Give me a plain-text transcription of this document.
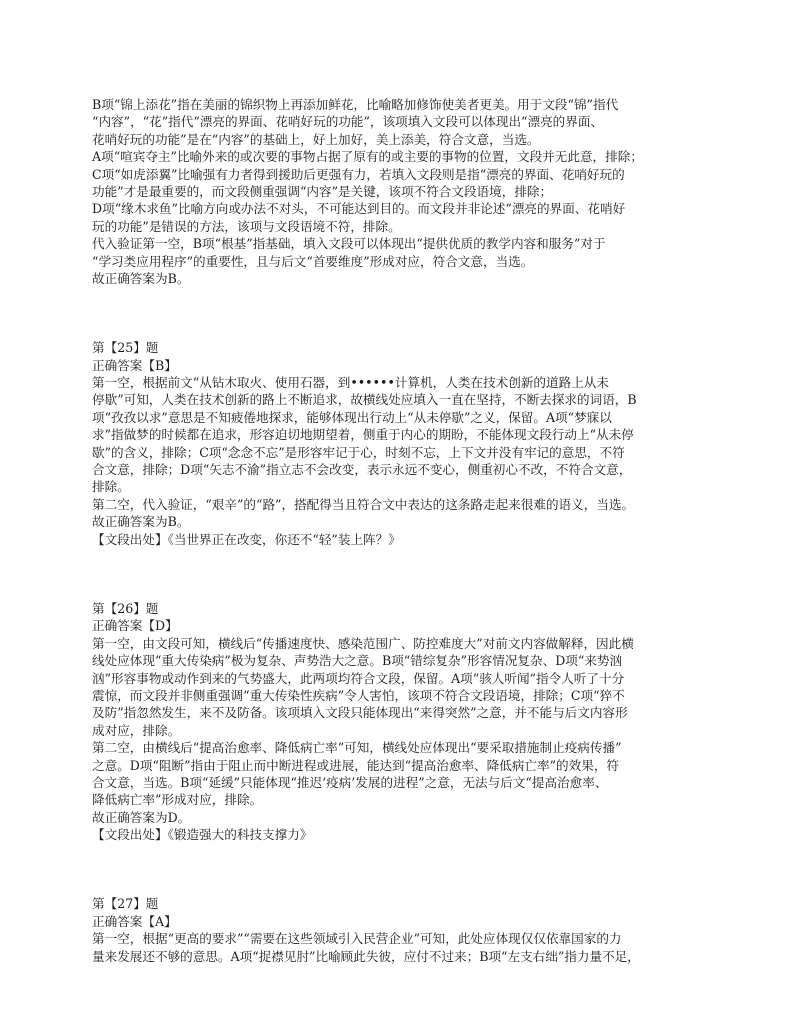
B项“锦上添花”指在美丽的锦织物上再添加鲜花，比喻略加修饰使美者更美。用于文段“锦”指代
“内容”，“花”指代“漂亮的界面、花哨好玩的功能”，该项填入文段可以体现出“漂亮的界面、
花哨好玩的功能”是在“内容”的基础上，好上加好，美上添美，符合文意，当选。
A项“喧宾夺主”比喻外来的或次要的事物占据了原有的或主要的事物的位置，文段并无此意，排除；
C项“如虎添翼”比喻强有力者得到援助后更强有力，若填入文段则是指“漂亮的界面、花哨好玩的
功能”才是最重要的，而文段侧重强调“内容”是关键，该项不符合文段语境，排除；
D项“缘木求鱼”比喻方向或办法不对头，不可能达到目的。而文段并非论述“漂亮的界面、花哨好
玩的功能”是错误的方法，该项与文段语境不符，排除。
代入验证第一空，B项“根基”指基础，填入文段可以体现出“提供优质的教学内容和服务”对于
“学习类应用程序”的重要性，且与后文“首要维度”形成对应，符合文意，当选。
故正确答案为B。
第【25】题
正确答案【B】
第一空，根据前文“从钻木取火、使用石器，到••••••计算机，人类在技术创新的道路上从未
停歇”可知，人类在技术创新的路上不断追求，故横线处应填入一直在坚持，不断去探求的词语，B
项“孜孜以求”意思是不知疲倦地探求，能够体现出行动上“从未停歇”之义，保留。A项“梦寐以
求”指做梦的时候都在追求，形容迫切地期望着，侧重于内心的期盼，不能体现文段行动上“从未停
歇”的含义，排除；C项“念念不忘”是形容牢记于心，时刻不忘，上下文并没有牢记的意思，不符
合文意，排除；D项“矢志不渝”指立志不会改变，表示永远不变心，侧重初心不改，不符合文意，
排除。
第二空，代入验证，“艰辛”的“路”，搭配得当且符合文中表达的这条路走起来很难的语义，当选。
故正确答案为B。
【文段出处】《当世界正在改变，你还不“轻”装上阵？》
第【26】题
正确答案【D】
第一空，由文段可知，横线后“传播速度快、感染范围广、防控难度大”对前文内容做解释，因此横
线处应体现“重大传染病”极为复杂、声势浩大之意。B项“错综复杂”形容情况复杂、D项“来势汹
汹”形容事物或动作到来的气势盛大，此两项均符合文段，保留。A项“骇人听闻”指令人听了十分
震惊，而文段并非侧重强调“重大传染性疾病”令人害怕，该项不符合文段语境，排除；C项“猝不
及防”指忽然发生，来不及防备。该项填入文段只能体现出“来得突然”之意，并不能与后文内容形
成对应，排除。
第二空，由横线后“提高治愈率、降低病亡率”可知，横线处应体现出“要采取措施制止疫病传播”
之意。D项“阻断”指由于阻止而中断进程或进展，能达到“提高治愈率、降低病亡率”的效果，符
合文意，当选。B项“延缓”只能体现“推迟‘疫病’发展的进程”之意，无法与后文“提高治愈率、
降低病亡率”形成对应，排除。
故正确答案为D。
【文段出处】《锻造强大的科技支撑力》
第【27】题
正确答案【A】
第一空，根据“更高的要求”“需要在这些领域引入民营企业”可知，此处应体现仅仅依靠国家的力
量来发展还不够的意思。A项“捉襟见肘”比喻顾此失彼，应付不过来；B项“左支右绌”指力量不足，
